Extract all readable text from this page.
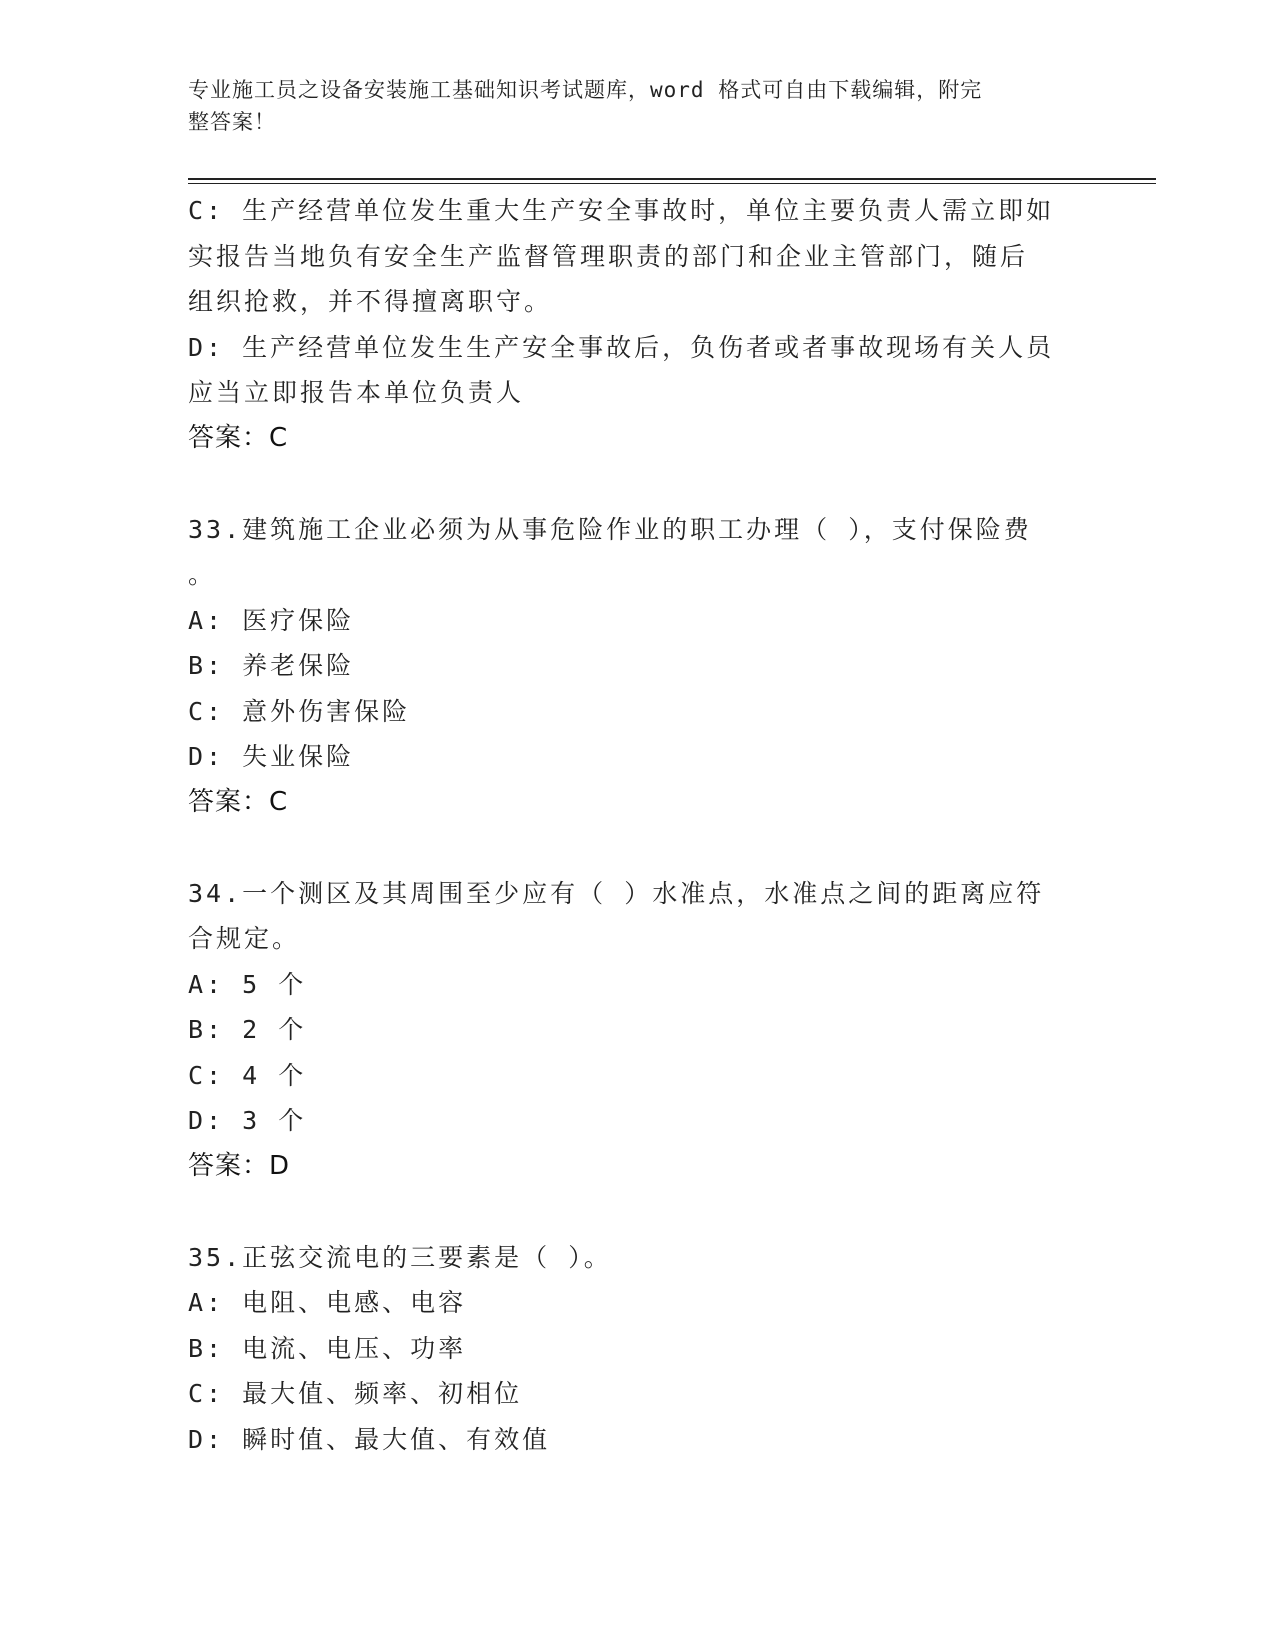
专业施工员之设备安装施工基础知识考试题库，word 格式可自由下载编辑，附完
整答案！
C: 生产经营单位发生重大生产安全事故时，单位主要负责人需立即如
实报告当地负有安全生产监督管理职责的部门和企业主管部门，随后
组织抢救，并不得擅离职守。
D: 生产经营单位发生生产安全事故后，负伤者或者事故现场有关人员
应当立即报告本单位负责人
答案：C
33.建筑施工企业必须为从事危险作业的职工办理（ ），支付保险费
。
A: 医疗保险
B: 养老保险
C: 意外伤害保险
D: 失业保险
答案：C
34.一个测区及其周围至少应有（ ）水准点，水准点之间的距离应符
合规定。
A: 5 个
B: 2 个
C: 4 个
D: 3 个
答案：D
35.正弦交流电的三要素是（ ）。
A: 电阻、电感、电容
B: 电流、电压、功率
C: 最大值、频率、初相位
D: 瞬时值、最大值、有效值
